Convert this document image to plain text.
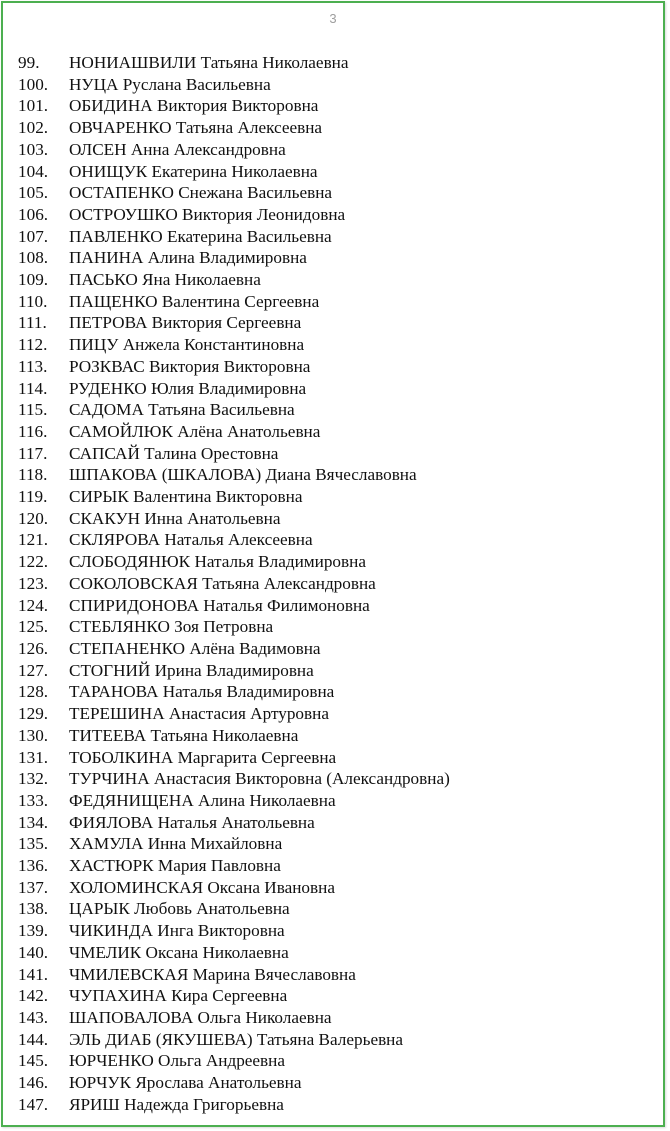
3
99. НОНИАШВИЛИ Татьяна Николаевна
100. НУЦА Руслана Васильевна
101. ОБИДИНА Виктория Викторовна
102. ОВЧАРЕНКО Татьяна Алексеевна
103. ОЛСЕН Анна Александровна
104. ОНИЩУК Екатерина Николаевна
105. ОСТАПЕНКО Снежана Васильевна
106. ОСТРОУШКО Виктория Леонидовна
107. ПАВЛЕНКО Екатерина Васильевна
108. ПАНИНА Алина Владимировна
109. ПАСЬКО Яна Николаевна
110. ПАЩЕНКО Валентина Сергеевна
111. ПЕТРОВА Виктория Сергеевна
112. ПИЦУ Анжела Константиновна
113. РОЗКВАС Виктория Викторовна
114. РУДЕНКО Юлия Владимировна
115. САДОМА Татьяна Васильевна
116. САМОЙЛЮК Алёна Анатольевна
117. САПСАЙ Талина Орестовна
118. ШПАКОВА (ШКАЛОВА) Диана Вячеславовна
119. СИРЫК Валентина Викторовна
120. СКАКУН Инна Анатольевна
121. СКЛЯРОВА Наталья Алексеевна
122. СЛОБОДЯНЮК Наталья Владимировна
123. СОКОЛОВСКАЯ Татьяна Александровна
124. СПИРИДОНОВА Наталья Филимоновна
125. СТЕБЛЯНКО Зоя Петровна
126. СТЕПАНЕНКО Алёна Вадимовна
127. СТОГНИЙ Ирина Владимировна
128. ТАРАНОВА Наталья Владимировна
129. ТЕРЕШИНА Анастасия Артуровна
130. ТИТЕЕВА Татьяна Николаевна
131. ТОБОЛКИНА Маргарита Сергеевна
132. ТУРЧИНА Анастасия Викторовна (Александровна)
133. ФЕДЯНИЩЕНА Алина Николаевна
134. ФИЯЛОВА Наталья Анатольевна
135. ХАМУЛА Инна Михайловна
136. ХАСТЮРК Мария Павловна
137. ХОЛОМИНСКАЯ Оксана Ивановна
138. ЦАРЫК Любовь Анатольевна
139. ЧИКИНДА Инга Викторовна
140. ЧМЕЛИК Оксана Николаевна
141. ЧМИЛЕВСКАЯ Марина Вячеславовна
142. ЧУПАХИНА Кира Сергеевна
143. ШАПОВАЛОВА Ольга Николаевна
144. ЭЛЬ ДИАБ (ЯКУШЕВА) Татьяна Валерьевна
145. ЮРЧЕНКО Ольга Андреевна
146. ЮРЧУК Ярослава Анатольевна
147. ЯРИШ Надежда Григорьевна
